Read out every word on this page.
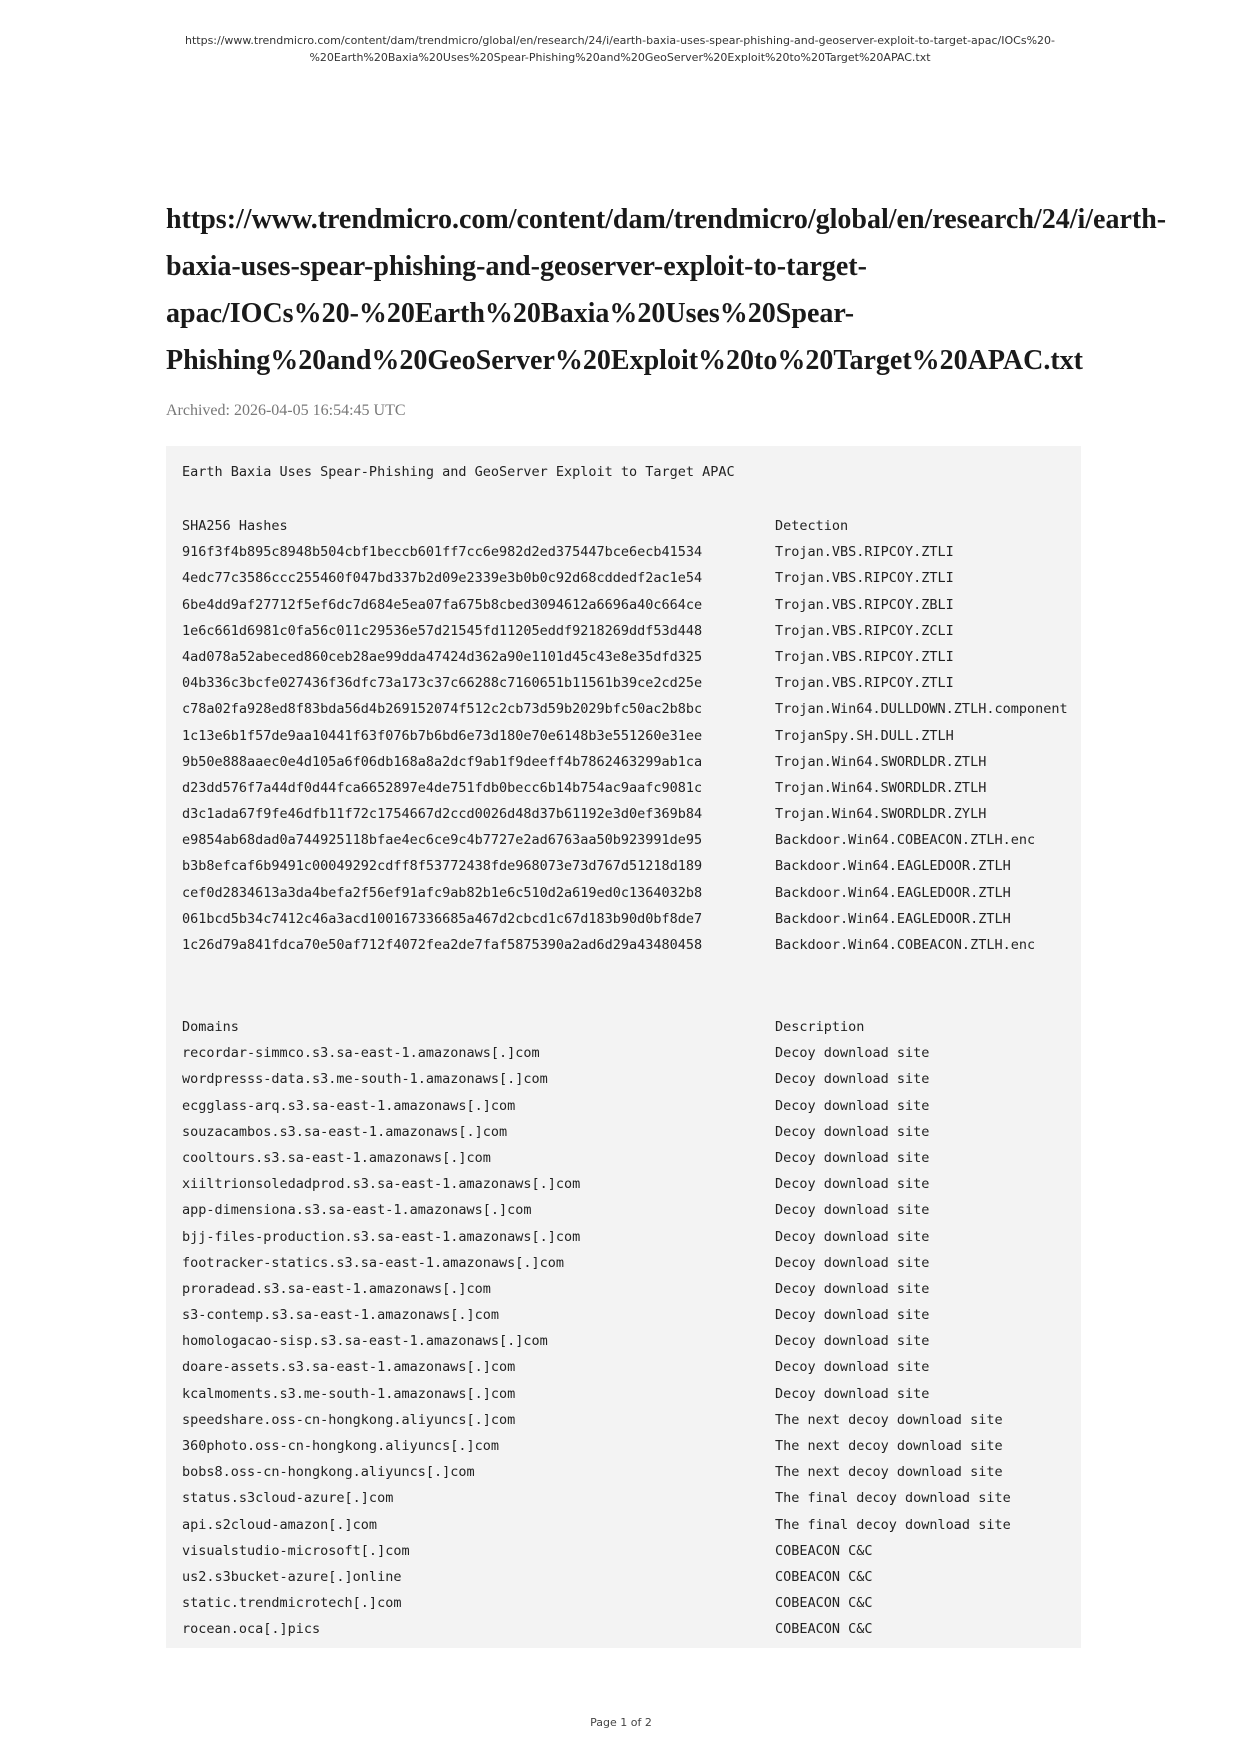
https://www.trendmicro.com/content/dam/trendmicro/global/en/research/24/i/earth-baxia-uses-spear-phishing-and-geoserver-exploit-to-target-apac/IOCs%20-
%20Earth%20Baxia%20Uses%20Spear-Phishing%20and%20GeoServer%20Exploit%20to%20Target%20APAC.txt
https://www.trendmicro.com/content/dam/trendmicro/global/en/research/24/i/earth-
baxia-uses-spear-phishing-and-geoserver-exploit-to-target-
apac/IOCs%20-%20Earth%20Baxia%20Uses%20Spear-
Phishing%20and%20GeoServer%20Exploit%20to%20Target%20APAC.txt
Archived: 2026-04-05 16:54:45 UTC
Earth Baxia Uses Spear-Phishing and GeoServer Exploit to Target APAC
SHA256 Hashes
916f3f4b895c8948b504cbf1beccb601ff7cc6e982d2ed375447bce6ecb41534
4edc77c3586ccc255460f047bd337b2d09e2339e3b0b0c92d68cddedf2ac1e54
6be4dd9af27712f5ef6dc7d684e5ea07fa675b8cbed3094612a6696a40c664ce
1e6c661d6981c0fa56c011c29536e57d21545fd11205eddf9218269ddf53d448
4ad078a52abeced860ceb28ae99dda47424d362a90e1101d45c43e8e35dfd325
04b336c3bcfe027436f36dfc73a173c37c66288c7160651b11561b39ce2cd25e
c78a02fa928ed8f83bda56d4b269152074f512c2cb73d59b2029bfc50ac2b8bc
1c13e6b1f57de9aa10441f63f076b7b6bd6e73d180e70e6148b3e551260e31ee
9b50e888aaec0e4d105a6f06db168a8a2dcf9ab1f9deeff4b7862463299ab1ca
d23dd576f7a44df0d44fca6652897e4de751fdb0becc6b14b754ac9aafc9081c
d3c1ada67f9fe46dfb11f72c1754667d2ccd0026d48d37b61192e3d0ef369b84
e9854ab68dad0a744925118bfae4ec6ce9c4b7727e2ad6763aa50b923991de95
b3b8efcaf6b9491c00049292cdff8f53772438fde968073e73d767d51218d189
cef0d2834613a3da4befa2f56ef91afc9ab82b1e6c510d2a619ed0c1364032b8
061bcd5b34c7412c46a3acd100167336685a467d2cbcd1c67d183b90d0bf8de7
1c26d79a841fdca70e50af712f4072fea2de7faf5875390a2ad6d29a43480458
Detection
Trojan.VBS.RIPCOY.ZTLI
Trojan.VBS.RIPCOY.ZTLI
Trojan.VBS.RIPCOY.ZBLI
Trojan.VBS.RIPCOY.ZCLI
Trojan.VBS.RIPCOY.ZTLI
Trojan.VBS.RIPCOY.ZTLI
Trojan.Win64.DULLDOWN.ZTLH.component
TrojanSpy.SH.DULL.ZTLH
Trojan.Win64.SWORDLDR.ZTLH
Trojan.Win64.SWORDLDR.ZTLH
Trojan.Win64.SWORDLDR.ZYLH
Backdoor.Win64.COBEACON.ZTLH.enc
Backdoor.Win64.EAGLEDOOR.ZTLH
Backdoor.Win64.EAGLEDOOR.ZTLH
Backdoor.Win64.EAGLEDOOR.ZTLH
Backdoor.Win64.COBEACON.ZTLH.enc
Domains
recordar-simmco.s3.sa-east-1.amazonaws[.]com
wordpresss-data.s3.me-south-1.amazonaws[.]com
ecgglass-arq.s3.sa-east-1.amazonaws[.]com
souzacambos.s3.sa-east-1.amazonaws[.]com
cooltours.s3.sa-east-1.amazonaws[.]com
xiiltrionsoledadprod.s3.sa-east-1.amazonaws[.]com
app-dimensiona.s3.sa-east-1.amazonaws[.]com
bjj-files-production.s3.sa-east-1.amazonaws[.]com
footracker-statics.s3.sa-east-1.amazonaws[.]com
proradead.s3.sa-east-1.amazonaws[.]com
s3-contemp.s3.sa-east-1.amazonaws[.]com
homologacao-sisp.s3.sa-east-1.amazonaws[.]com
doare-assets.s3.sa-east-1.amazonaws[.]com
kcalmoments.s3.me-south-1.amazonaws[.]com
speedshare.oss-cn-hongkong.aliyuncs[.]com
360photo.oss-cn-hongkong.aliyuncs[.]com
bobs8.oss-cn-hongkong.aliyuncs[.]com
status.s3cloud-azure[.]com
api.s2cloud-amazon[.]com
visualstudio-microsoft[.]com
us2.s3bucket-azure[.]online
static.trendmicrotech[.]com
rocean.oca[.]pics
Description
Decoy download site
Decoy download site
Decoy download site
Decoy download site
Decoy download site
Decoy download site
Decoy download site
Decoy download site
Decoy download site
Decoy download site
Decoy download site
Decoy download site
Decoy download site
Decoy download site
The next decoy download site
The next decoy download site
The next decoy download site
The final decoy download site
The final decoy download site
COBEACON C&C
COBEACON C&C
COBEACON C&C
COBEACON C&C
Page 1 of 2
